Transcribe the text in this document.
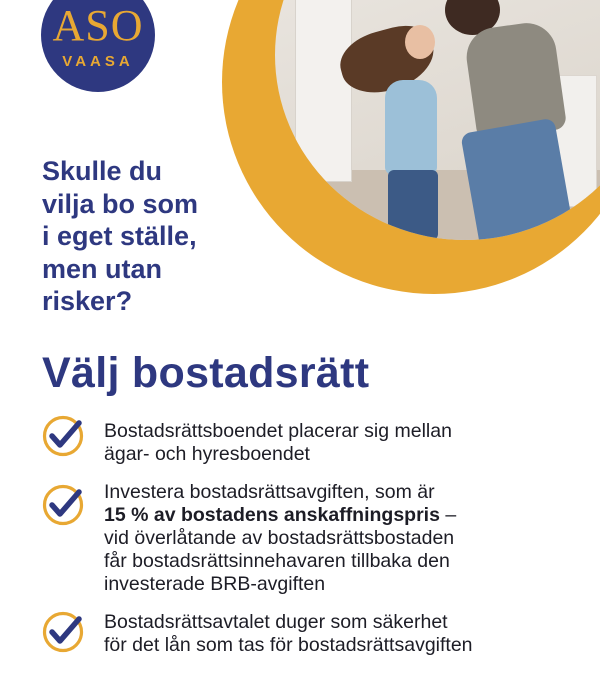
ASO
VAASA
Skulle du
vilja bo som
i eget ställe,
men utan
risker?
Välj bostadsrätt
Bostadsrättsboendet placerar sig mellan
ägar- och hyresboendet
Investera bostadsrättsavgiften, som är
15 % av bostadens anskaffningspris –
vid överlåtande av bostadsrättsbostaden
får bostadsrättsinnehavaren tillbaka den
investerade BRB-avgiften
Bostadsrättsavtalet duger som säkerhet
för det lån som tas för bostadsrättsavgiften
